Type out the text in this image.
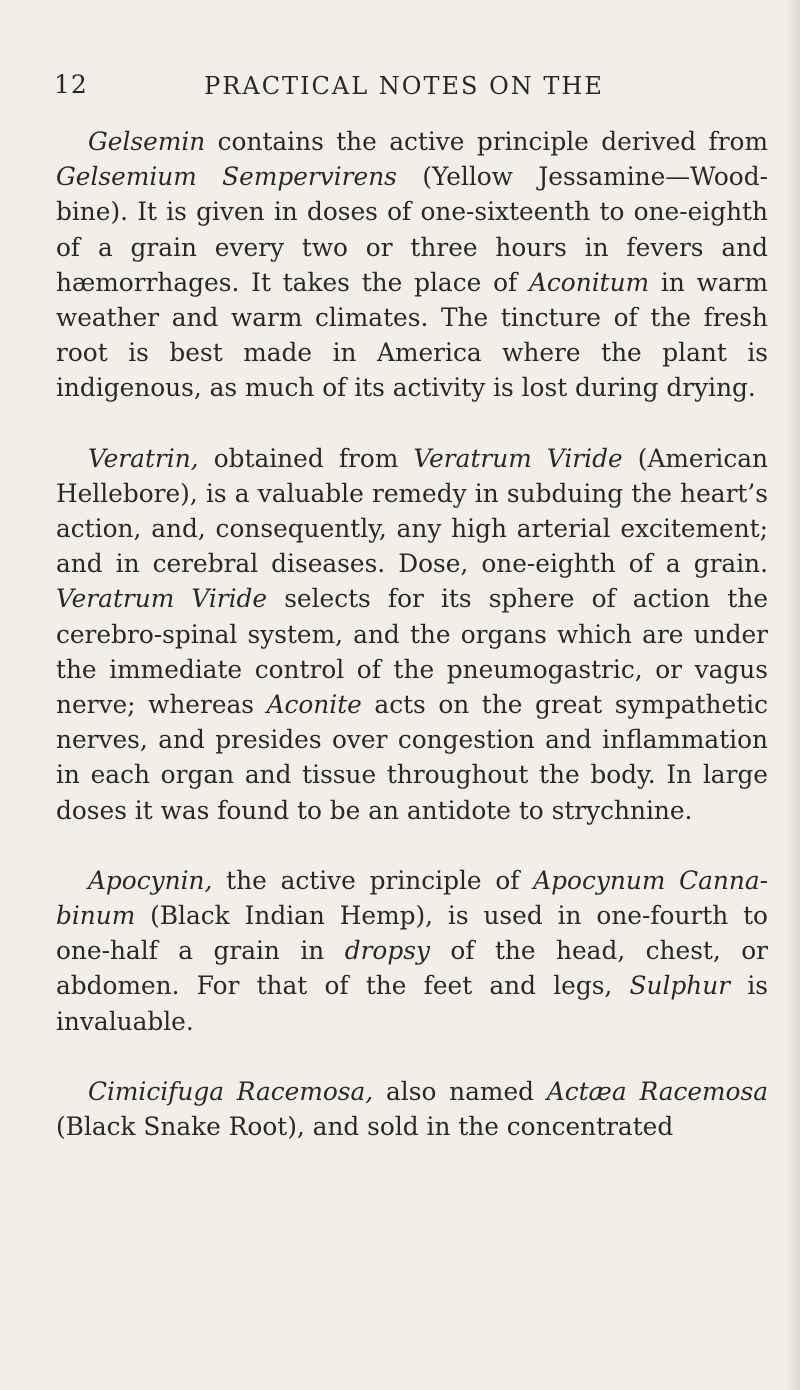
12	PRACTICAL NOTES ON THE

Gelsemin contains the active principle derived from Gelsemium Sempervirens (Yellow Jessamine—Wood-bine). It is given in doses of one-sixteenth to one-eighth of a grain every two or three hours in fevers and hæmorrhages. It takes the place of Aconitum in warm weather and warm climates. The tincture of the fresh root is best made in America where the plant is indigenous, as much of its activity is lost during drying.

Veratrin, obtained from Veratrum Viride (American Hellebore), is a valuable remedy in subduing the heart’s action, and, consequently, any high arterial excitement; and in cerebral diseases. Dose, one-eighth of a grain. Veratrum Viride selects for its sphere of action the cerebro-spinal system, and the organs which are under the immediate control of the pneumogastric, or vagus nerve; whereas Aconite acts on the great sympathetic nerves, and presides over congestion and inflammation in each organ and tissue throughout the body. In large doses it was found to be an antidote to strychnine.

Apocynin, the active principle of Apocynum Canna-binum (Black Indian Hemp), is used in one-fourth to one-half a grain in dropsy of the head, chest, or abdomen. For that of the feet and legs, Sulphur is invaluable.

Cimicifuga Racemosa, also named Actæa Racemosa (Black Snake Root), and sold in the concentrated
